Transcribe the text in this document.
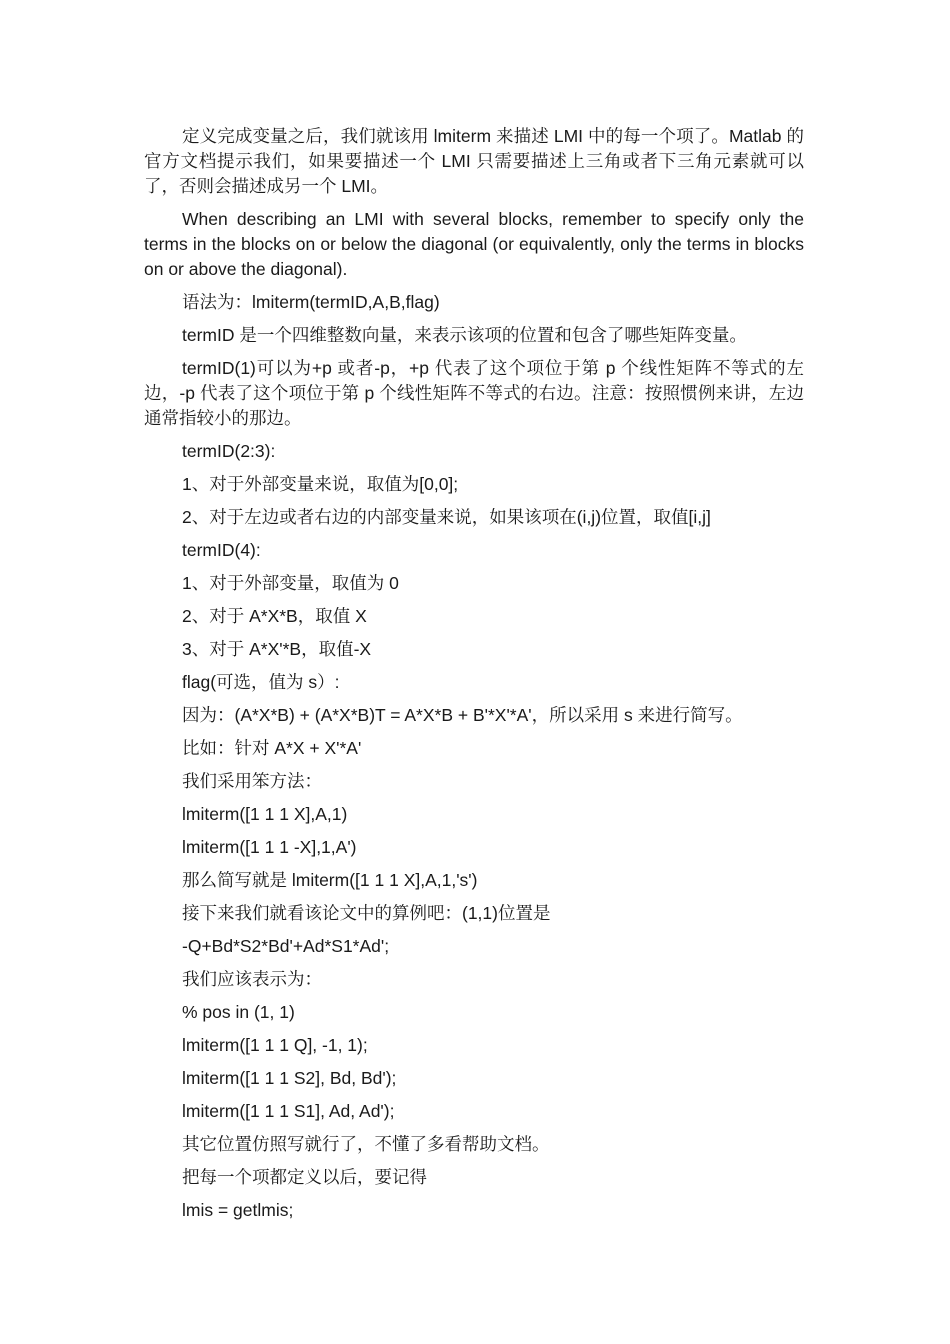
定义完成变量之后，我们就该用 lmiterm 来描述 LMI 中的每一个项了。Matlab 的官方文档提示我们，如果要描述一个 LMI 只需要描述上三角或者下三角元素就可以了，否则会描述成另一个 LMI。

When describing an LMI with several blocks, remember to specify only the terms in the blocks on or below the diagonal (or equivalently, only the terms in blocks on or above the diagonal).

语法为：lmiterm(termID,A,B,flag)

termID 是一个四维整数向量，来表示该项的位置和包含了哪些矩阵变量。

termID(1)可以为+p 或者-p，+p 代表了这个项位于第 p 个线性矩阵不等式的左边，-p 代表了这个项位于第 p 个线性矩阵不等式的右边。注意：按照惯例来讲，左边通常指较小的那边。

termID(2:3):

1、对于外部变量来说，取值为[0,0];

2、对于左边或者右边的内部变量来说，如果该项在(i,j)位置，取值[i,j]

termID(4):

1、对于外部变量，取值为 0

2、对于 A*X*B，取值 X

3、对于 A*X'*B，取值-X

flag(可选，值为 s）:

因为：(A*X*B) + (A*X*B)T = A*X*B + B'*X'*A'，所以采用 s 来进行简写。

比如：针对 A*X + X'*A'

我们采用笨方法：

lmiterm([1 1 1 X],A,1)

lmiterm([1 1 1 -X],1,A')

那么简写就是 lmiterm([1 1 1 X],A,1,'s')

接下来我们就看该论文中的算例吧：(1,1)位置是

-Q+Bd*S2*Bd'+Ad*S1*Ad';

我们应该表示为：

% pos in (1, 1)

lmiterm([1 1 1 Q], -1, 1);

lmiterm([1 1 1 S2], Bd, Bd');

lmiterm([1 1 1 S1], Ad, Ad');

其它位置仿照写就行了，不懂了多看帮助文档。

把每一个项都定义以后，要记得

lmis = getlmis;
